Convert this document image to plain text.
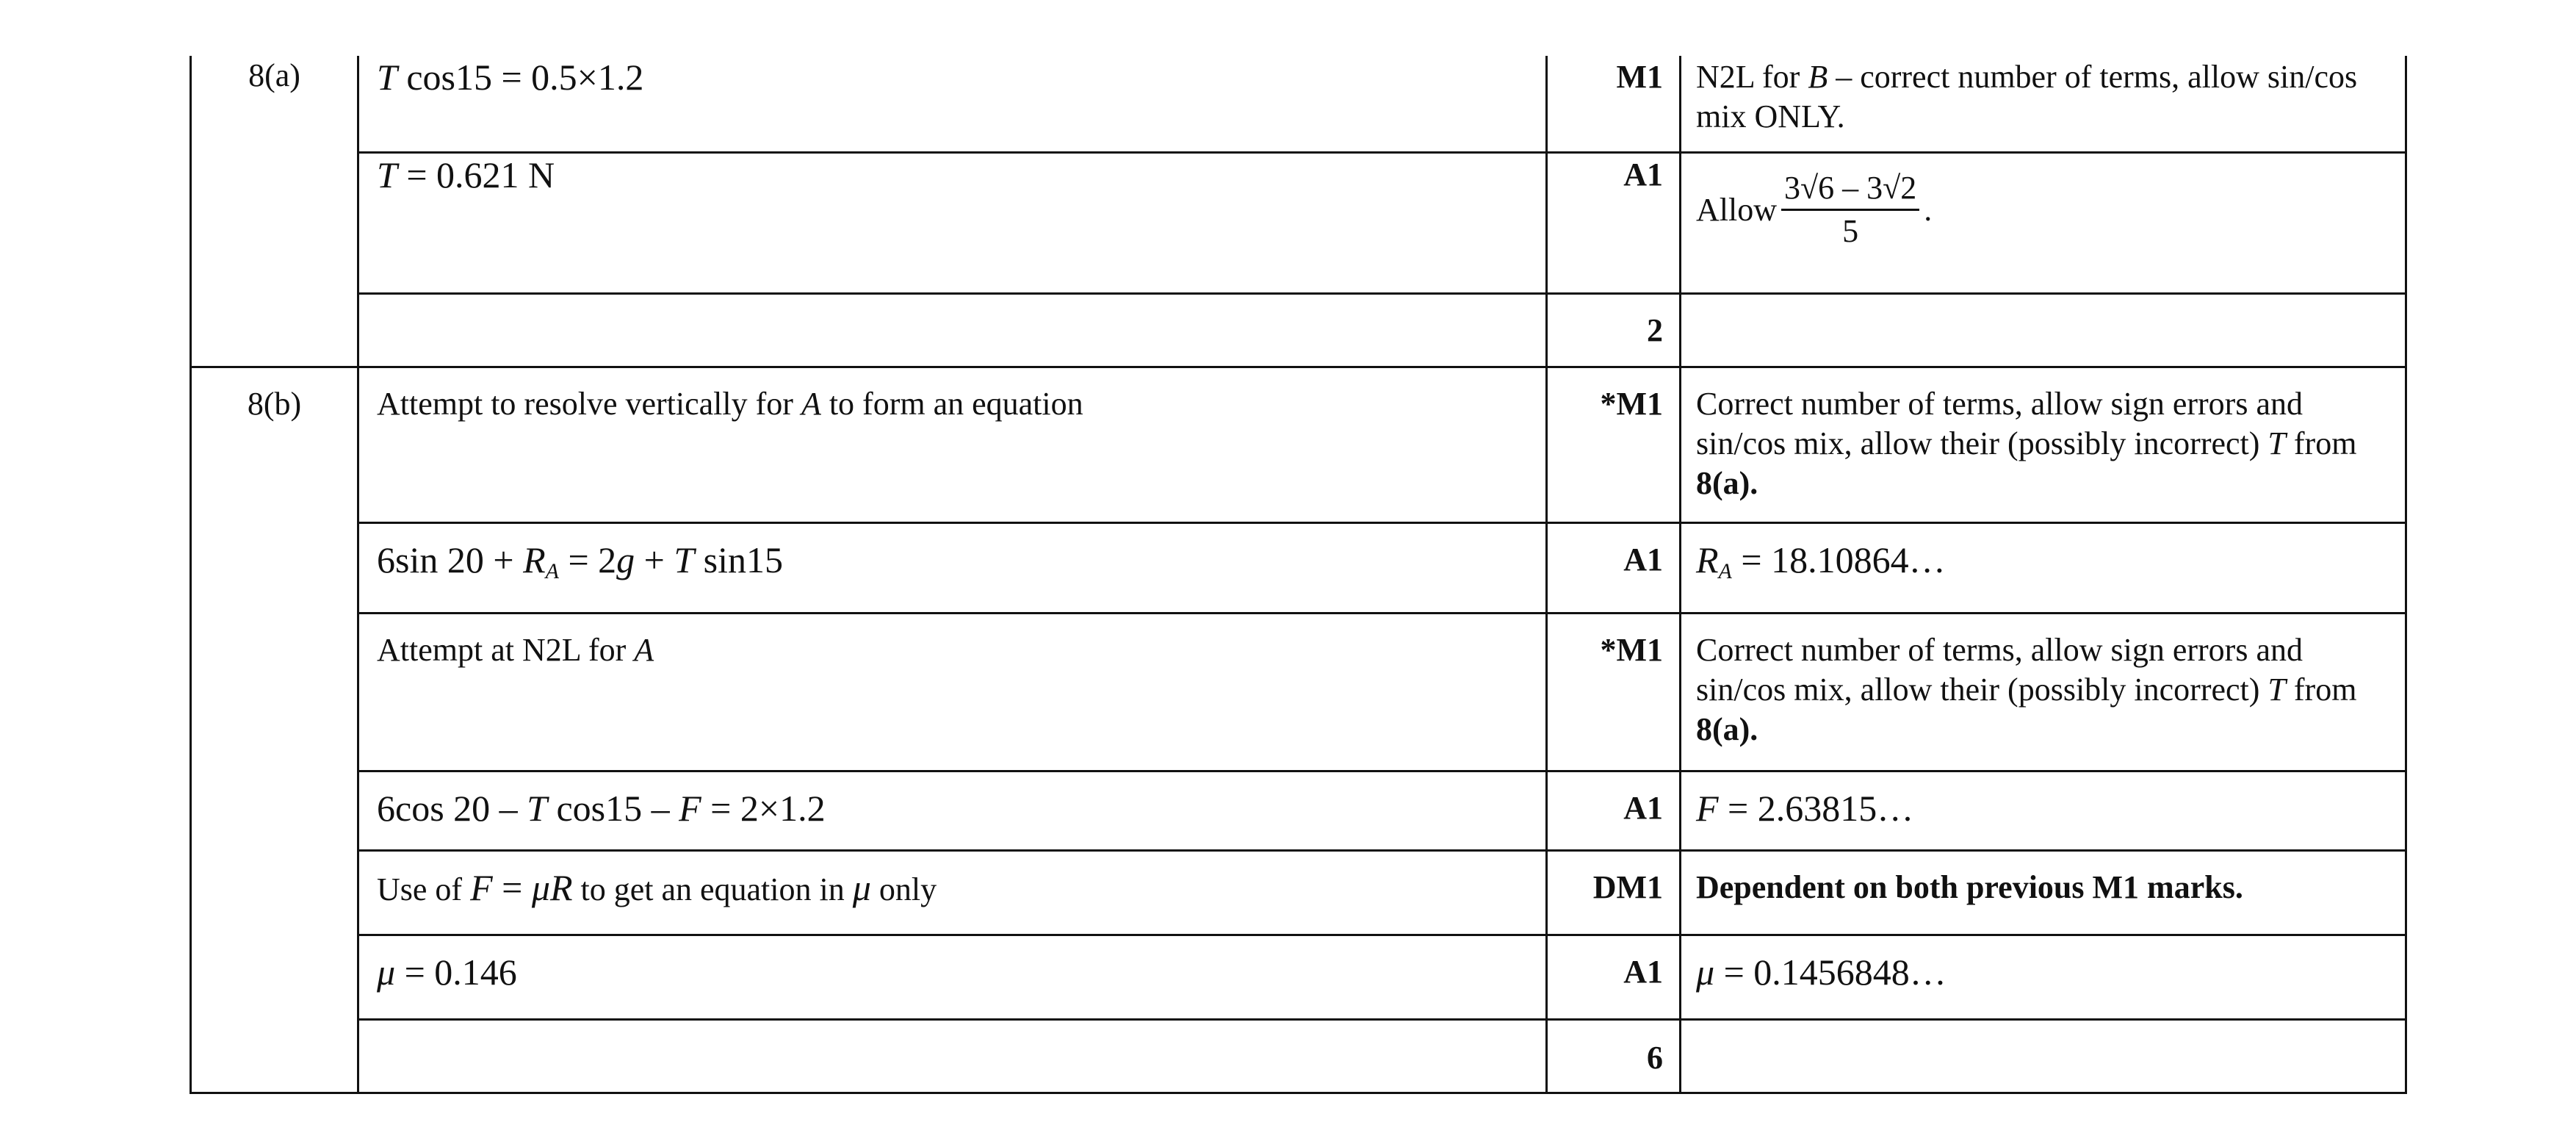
8(a)	T cos15 = 0.5×1.2	M1	N2L for B – correct number of terms, allow sin/cos mix ONLY.
	T = 0.621 N	A1	Allow $\frac{3√6 - 3√2}{5}$ .

		2	
8(b)	Attempt to resolve vertically for A to form an equation	*M1	Correct number of terms, allow sign errors and sin/cos mix, allow their (possibly incorrect) T from 8(a).
	6sin $20 + R_A = 2g + T$ sin15	A1	$R_A$ = 18.10864…
	Attempt at N2L for A	*M1	Correct number of terms, allow sign errors and sin/cos mix, allow their (possibly incorrect) T from 8(a).
	6cos 20 – T cos15 – F = 2×1.2	A1	F = 2.63815…
	Use of F = μR to get an equation in μ only	DM1	Dependent on both previous M1 marks.
	μ = 0.146	A1	μ = 0.1456848…
		6	
